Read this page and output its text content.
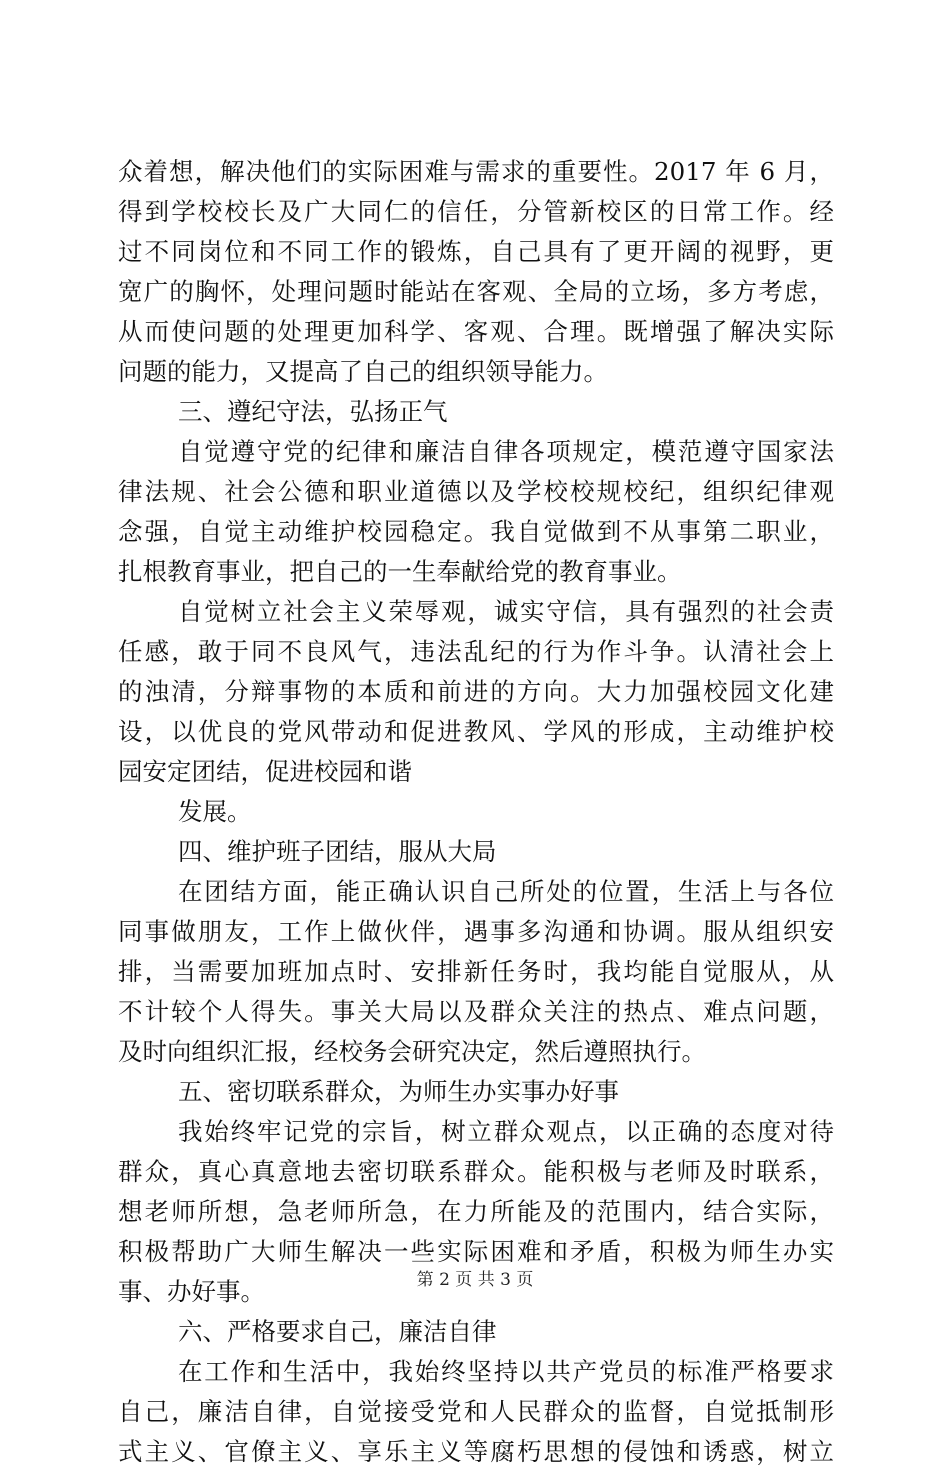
众着想，解决他们的实际困难与需求的重要性。2017 年 6 月，
得到学校校长及广大同仁的信任，分管新校区的日常工作。经
过不同岗位和不同工作的锻炼，自己具有了更开阔的视野，更
宽广的胸怀，处理问题时能站在客观、全局的立场，多方考虑，
从而使问题的处理更加科学、客观、合理。既增强了解决实际
问题的能力，又提高了自己的组织领导能力。
三、遵纪守法，弘扬正气
自觉遵守党的纪律和廉洁自律各项规定，模范遵守国家法
律法规、社会公德和职业道德以及学校校规校纪，组织纪律观
念强，自觉主动维护校园稳定。我自觉做到不从事第二职业，
扎根教育事业，把自己的一生奉献给党的教育事业。
自觉树立社会主义荣辱观，诚实守信，具有强烈的社会责
任感，敢于同不良风气，违法乱纪的行为作斗争。认清社会上
的浊清，分辩事物的本质和前进的方向。大力加强校园文化建
设，以优良的党风带动和促进教风、学风的形成，主动维护校
园安定团结，促进校园和谐
发展。
四、维护班子团结，服从大局
在团结方面，能正确认识自己所处的位置，生活上与各位
同事做朋友，工作上做伙伴，遇事多沟通和协调。服从组织安
排，当需要加班加点时、安排新任务时，我均能自觉服从，从
不计较个人得失。事关大局以及群众关注的热点、难点问题，
及时向组织汇报，经校务会研究决定，然后遵照执行。
五、密切联系群众，为师生办实事办好事
我始终牢记党的宗旨，树立群众观点，以正确的态度对待
群众，真心真意地去密切联系群众。能积极与老师及时联系，
想老师所想，急老师所急，在力所能及的范围内，结合实际，
积极帮助广大师生解决一些实际困难和矛盾，积极为师生办实
事、办好事。
六、严格要求自己，廉洁自律
在工作和生活中，我始终坚持以共产党员的标准严格要求
自己，廉洁自律，自觉接受党和人民群众的监督，自觉抵制形
式主义、官僚主义、享乐主义等腐朽思想的侵蚀和诱惑，树立
第 2 页 共 3 页
